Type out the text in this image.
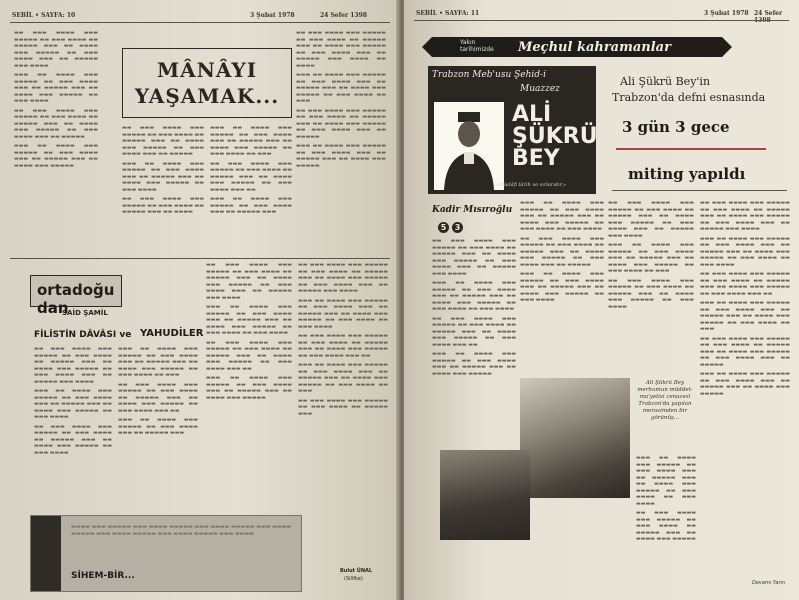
SEBİL • SAYFA: 10	3 Şubat 1978	24 Sefer 1398

▬▬ ▬▬▬ ▬▬▬▬ ▬▬▬ ▬▬▬▬▬ ▬▬ ▬▬▬ ▬▬▬▬ ▬▬ ▬▬▬▬▬ ▬▬▬ ▬▬ ▬▬▬▬ ▬▬▬ ▬▬▬▬▬ ▬▬ ▬▬▬ ▬▬▬▬ ▬▬▬ ▬▬ ▬▬▬▬▬ ▬▬▬ ▬▬▬▬

▬▬▬ ▬▬ ▬▬▬▬ ▬▬▬ ▬▬▬▬▬ ▬▬ ▬▬▬ ▬▬▬▬ ▬▬▬ ▬▬ ▬▬▬▬▬ ▬▬▬ ▬▬ ▬▬▬▬ ▬▬▬ ▬▬▬▬▬ ▬▬ ▬▬▬ ▬▬▬▬

▬▬ ▬▬▬ ▬▬▬▬ ▬▬▬ ▬▬▬▬▬ ▬▬ ▬▬▬ ▬▬▬▬ ▬▬ ▬▬▬▬▬ ▬▬▬ ▬▬ ▬▬▬▬ ▬▬▬ ▬▬▬▬▬ ▬▬ ▬▬▬ ▬▬▬▬ ▬▬▬ ▬▬ ▬▬▬▬▬

▬▬▬ ▬▬ ▬▬▬▬ ▬▬▬ ▬▬▬▬▬ ▬▬ ▬▬▬ ▬▬▬▬ ▬▬▬ ▬▬ ▬▬▬▬▬ ▬▬▬ ▬▬ ▬▬▬▬ ▬▬▬ ▬▬▬▬▬

MÂNÂYI
YAŞAMAK...

▬▬ ▬▬▬ ▬▬▬▬ ▬▬▬ ▬▬▬▬▬ ▬▬ ▬▬▬ ▬▬▬▬ ▬▬ ▬▬▬▬▬ ▬▬▬ ▬▬ ▬▬▬▬ ▬▬▬ ▬▬▬▬▬ ▬▬ ▬▬▬ ▬▬▬▬ ▬▬▬ ▬▬ ▬▬▬▬▬ ▬▬▬ ▬▬▬▬ ▬▬ ▬▬▬▬

▬▬▬ ▬▬ ▬▬▬▬ ▬▬▬ ▬▬▬▬▬ ▬▬ ▬▬▬ ▬▬▬▬ ▬▬▬ ▬▬ ▬▬▬▬▬ ▬▬▬ ▬▬ ▬▬▬▬ ▬▬▬ ▬▬▬▬▬ ▬▬ ▬▬▬ ▬▬▬▬ ▬▬ ▬▬▬

▬▬ ▬▬▬ ▬▬▬▬ ▬▬▬ ▬▬▬▬▬ ▬▬ ▬▬▬ ▬▬▬▬ ▬▬ ▬▬▬▬▬ ▬▬▬ ▬▬ ▬▬▬▬ ▬▬▬ ▬▬▬▬▬ ▬▬ ▬▬▬ ▬▬▬▬ ▬▬▬ ▬▬ ▬▬▬▬▬

▬▬▬ ▬▬ ▬▬▬▬ ▬▬▬ ▬▬▬▬▬ ▬▬ ▬▬▬ ▬▬▬▬ ▬▬▬ ▬▬ ▬▬▬▬▬ ▬▬▬ ▬▬ ▬▬▬▬ ▬▬▬ ▬▬▬▬▬

▬▬ ▬▬▬ ▬▬▬▬ ▬▬▬ ▬▬▬▬▬ ▬▬ ▬▬▬ ▬▬▬▬ ▬▬ ▬▬▬▬▬ ▬▬▬ ▬▬ ▬▬▬▬ ▬▬▬ ▬▬▬▬▬ ▬▬ ▬▬▬ ▬▬▬▬ ▬▬▬ ▬▬ ▬▬▬▬▬

▬▬▬ ▬▬ ▬▬▬▬ ▬▬▬ ▬▬▬▬▬ ▬▬ ▬▬▬ ▬▬▬▬ ▬▬▬ ▬▬ ▬▬▬▬▬ ▬▬▬ ▬▬ ▬▬▬▬ ▬▬▬ ▬▬▬▬▬ ▬▬ ▬▬▬ ▬▬▬▬

▬▬ ▬▬▬ ▬▬▬▬ ▬▬▬ ▬▬▬▬▬ ▬▬ ▬▬▬ ▬▬▬▬ ▬▬ ▬▬▬▬▬ ▬▬▬ ▬▬ ▬▬▬▬

▬▬▬ ▬▬ ▬▬▬▬ ▬▬▬ ▬▬▬▬▬ ▬▬ ▬▬▬ ▬▬▬▬ ▬▬▬ ▬▬ ▬▬▬▬▬ ▬▬▬ ▬▬ ▬▬▬▬ ▬▬▬ ▬▬▬▬▬ ▬▬ ▬▬▬ ▬▬▬▬ ▬▬ ▬▬▬

▬▬ ▬▬▬ ▬▬▬▬ ▬▬▬ ▬▬▬▬▬ ▬▬ ▬▬▬ ▬▬▬▬ ▬▬ ▬▬▬▬▬ ▬▬▬ ▬▬ ▬▬▬▬ ▬▬▬ ▬▬▬▬▬ ▬▬ ▬▬▬ ▬▬▬▬ ▬▬▬ ▬▬

▬▬▬ ▬▬ ▬▬▬▬ ▬▬▬ ▬▬▬▬▬ ▬▬ ▬▬▬ ▬▬▬▬ ▬▬▬ ▬▬ ▬▬▬▬▬ ▬▬▬

ortadoğu dan
SAİD ŞAMİL
FİLİSTİN DÂVÂSI ve YAHUDİLER

▬▬ ▬▬▬ ▬▬▬▬ ▬▬▬ ▬▬▬▬▬ ▬▬ ▬▬▬ ▬▬▬▬ ▬▬ ▬▬▬▬▬ ▬▬▬ ▬▬ ▬▬▬▬ ▬▬▬ ▬▬▬▬▬ ▬▬ ▬▬▬ ▬▬▬▬ ▬▬▬ ▬▬ ▬▬▬▬▬ ▬▬▬ ▬▬▬▬

▬▬▬ ▬▬ ▬▬▬▬ ▬▬▬ ▬▬▬▬▬ ▬▬ ▬▬▬ ▬▬▬▬ ▬▬▬ ▬▬ ▬▬▬▬▬ ▬▬▬ ▬▬ ▬▬▬▬ ▬▬▬ ▬▬▬▬▬ ▬▬ ▬▬▬ ▬▬▬▬

▬▬ ▬▬▬ ▬▬▬▬ ▬▬▬ ▬▬▬▬▬ ▬▬ ▬▬▬ ▬▬▬▬ ▬▬ ▬▬▬▬▬ ▬▬▬ ▬▬ ▬▬▬▬ ▬▬▬ ▬▬▬▬▬ ▬▬ ▬▬▬ ▬▬▬▬

▬▬▬ ▬▬ ▬▬▬▬ ▬▬▬ ▬▬▬▬▬ ▬▬ ▬▬▬ ▬▬▬▬ ▬▬▬ ▬▬ ▬▬▬▬▬ ▬▬▬ ▬▬ ▬▬▬▬ ▬▬▬ ▬▬▬▬▬ ▬▬ ▬▬▬ ▬▬▬▬ ▬▬ ▬▬▬

▬▬ ▬▬▬ ▬▬▬▬ ▬▬▬ ▬▬▬▬▬ ▬▬ ▬▬▬ ▬▬▬▬ ▬▬ ▬▬▬▬▬ ▬▬▬ ▬▬ ▬▬▬▬ ▬▬▬ ▬▬▬▬▬ ▬▬ ▬▬▬ ▬▬▬▬ ▬▬▬ ▬▬

▬▬▬ ▬▬ ▬▬▬▬ ▬▬▬ ▬▬▬▬▬ ▬▬ ▬▬▬ ▬▬▬▬ ▬▬▬ ▬▬ ▬▬▬▬▬ ▬▬▬

▬▬ ▬▬▬ ▬▬▬▬ ▬▬▬ ▬▬▬▬▬ ▬▬ ▬▬▬ ▬▬▬▬ ▬▬ ▬▬▬▬▬ ▬▬▬ ▬▬ ▬▬▬▬ ▬▬▬ ▬▬▬▬▬ ▬▬ ▬▬▬ ▬▬▬▬ ▬▬▬ ▬▬ ▬▬▬▬▬ ▬▬▬ ▬▬▬▬

▬▬▬ ▬▬ ▬▬▬▬ ▬▬▬ ▬▬▬▬▬ ▬▬ ▬▬▬ ▬▬▬▬ ▬▬▬ ▬▬ ▬▬▬▬▬ ▬▬▬ ▬▬ ▬▬▬▬ ▬▬▬ ▬▬▬▬▬ ▬▬ ▬▬▬ ▬▬▬▬ ▬▬ ▬▬▬ ▬▬▬▬

▬▬ ▬▬▬ ▬▬▬▬ ▬▬▬ ▬▬▬▬▬ ▬▬ ▬▬▬ ▬▬▬▬ ▬▬ ▬▬▬▬▬ ▬▬▬ ▬▬ ▬▬▬▬ ▬▬▬ ▬▬▬▬▬ ▬▬ ▬▬▬ ▬▬▬▬ ▬▬▬ ▬▬

▬▬▬ ▬▬ ▬▬▬▬ ▬▬▬ ▬▬▬▬▬ ▬▬ ▬▬▬ ▬▬▬▬ ▬▬▬ ▬▬ ▬▬▬▬▬ ▬▬▬ ▬▬ ▬▬▬▬ ▬▬▬ ▬▬▬▬▬

▬▬ ▬▬▬ ▬▬▬▬ ▬▬▬ ▬▬▬▬▬ ▬▬ ▬▬▬ ▬▬▬▬ ▬▬ ▬▬▬▬▬ ▬▬▬ ▬▬ ▬▬▬▬ ▬▬▬ ▬▬▬▬▬ ▬▬ ▬▬▬ ▬▬▬▬ ▬▬▬ ▬▬ ▬▬▬▬▬ ▬▬▬ ▬▬▬▬

▬▬▬ ▬▬ ▬▬▬▬ ▬▬▬ ▬▬▬▬▬ ▬▬ ▬▬▬ ▬▬▬▬ ▬▬▬ ▬▬ ▬▬▬▬▬ ▬▬▬ ▬▬ ▬▬▬▬ ▬▬▬ ▬▬▬▬▬ ▬▬ ▬▬▬ ▬▬▬▬ ▬▬ ▬▬▬ ▬▬▬▬

▬▬ ▬▬▬ ▬▬▬▬ ▬▬▬ ▬▬▬▬▬ ▬▬ ▬▬▬ ▬▬▬▬ ▬▬ ▬▬▬▬▬ ▬▬▬ ▬▬ ▬▬▬▬ ▬▬▬ ▬▬▬▬▬ ▬▬ ▬▬▬ ▬▬▬▬ ▬▬▬ ▬▬

▬▬▬ ▬▬ ▬▬▬▬ ▬▬▬ ▬▬▬▬▬ ▬▬ ▬▬▬ ▬▬▬▬ ▬▬▬ ▬▬ ▬▬▬▬▬ ▬▬▬ ▬▬ ▬▬▬▬ ▬▬▬ ▬▬▬▬▬ ▬▬ ▬▬▬ ▬▬▬▬ ▬▬ ▬▬▬

▬▬ ▬▬▬ ▬▬▬▬ ▬▬▬ ▬▬▬▬▬ ▬▬ ▬▬▬ ▬▬▬▬ ▬▬ ▬▬▬▬▬ ▬▬▬

Bulut ÜNAL
(Silifke)
SİHEM-BİR...

▬▬▬▬ ▬▬▬ ▬▬▬▬▬ ▬▬▬ ▬▬▬▬ ▬▬▬▬▬ ▬▬▬ ▬▬▬▬ ▬▬▬▬▬ ▬▬▬ ▬▬▬▬ ▬▬▬▬▬ ▬▬▬ ▬▬▬▬ ▬▬▬▬▬ ▬▬▬ ▬▬▬▬ ▬▬▬▬▬ ▬▬▬ ▬▬▬▬

SEBİL • SAYFA: 11	3 Şubat 1978 24 Sefer
Yakın tarihimizde	Meçhul kahramanlar
Trabzon Meb'usu Şehid-i
Muazzez
ALİ
ŞÜKRÜ
BEY
«Müdâfi târih ve sırlarıdır.»
Ali Şükrü Bey'in
Trabzon'da defni esnasında
3 gün 3 gece
miting yapıldı
Kadir Mısıroğlu
5	3

▬▬ ▬▬▬ ▬▬▬▬ ▬▬▬ ▬▬▬▬▬ ▬▬ ▬▬▬ ▬▬▬▬ ▬▬ ▬▬▬▬▬ ▬▬▬ ▬▬ ▬▬▬▬ ▬▬▬ ▬▬▬▬▬ ▬▬ ▬▬▬ ▬▬▬▬ ▬▬▬ ▬▬ ▬▬▬▬▬ ▬▬▬ ▬▬▬▬

▬▬▬ ▬▬ ▬▬▬▬ ▬▬▬ ▬▬▬▬▬ ▬▬ ▬▬▬ ▬▬▬▬ ▬▬▬ ▬▬ ▬▬▬▬▬ ▬▬▬ ▬▬ ▬▬▬▬ ▬▬▬ ▬▬▬▬▬ ▬▬ ▬▬▬ ▬▬▬▬ ▬▬ ▬▬▬ ▬▬▬▬

▬▬ ▬▬▬ ▬▬▬▬ ▬▬▬ ▬▬▬▬▬ ▬▬ ▬▬▬ ▬▬▬▬ ▬▬ ▬▬▬▬▬ ▬▬▬ ▬▬ ▬▬▬▬ ▬▬▬ ▬▬▬▬▬ ▬▬ ▬▬▬ ▬▬▬▬ ▬▬▬ ▬▬

▬▬▬ ▬▬ ▬▬▬▬ ▬▬▬ ▬▬▬▬▬ ▬▬ ▬▬▬ ▬▬▬▬ ▬▬▬ ▬▬ ▬▬▬▬▬ ▬▬▬ ▬▬ ▬▬▬▬ ▬▬▬ ▬▬▬▬▬

▬▬▬ ▬▬ ▬▬▬▬ ▬▬▬ ▬▬▬▬▬ ▬▬ ▬▬▬ ▬▬▬▬ ▬▬▬ ▬▬ ▬▬▬▬▬ ▬▬▬ ▬▬ ▬▬▬▬ ▬▬▬ ▬▬▬▬▬ ▬▬ ▬▬▬ ▬▬▬▬ ▬▬ ▬▬▬ ▬▬▬▬

▬▬ ▬▬▬ ▬▬▬▬ ▬▬▬ ▬▬▬▬▬ ▬▬ ▬▬▬ ▬▬▬▬ ▬▬ ▬▬▬▬▬ ▬▬▬ ▬▬ ▬▬▬▬ ▬▬▬ ▬▬▬▬▬ ▬▬ ▬▬▬ ▬▬▬▬ ▬▬▬ ▬▬ ▬▬▬▬▬

▬▬▬ ▬▬ ▬▬▬▬ ▬▬▬ ▬▬▬▬▬ ▬▬ ▬▬▬ ▬▬▬▬ ▬▬▬ ▬▬ ▬▬▬▬▬ ▬▬▬ ▬▬ ▬▬▬▬ ▬▬▬ ▬▬▬▬▬ ▬▬ ▬▬▬ ▬▬▬▬

▬▬ ▬▬▬ ▬▬▬▬ ▬▬▬ ▬▬▬▬▬ ▬▬ ▬▬▬ ▬▬▬▬ ▬▬ ▬▬▬▬▬ ▬▬▬ ▬▬ ▬▬▬▬ ▬▬▬ ▬▬▬▬▬ ▬▬ ▬▬▬ ▬▬▬▬ ▬▬▬ ▬▬ ▬▬▬▬▬ ▬▬▬ ▬▬▬▬

▬▬▬ ▬▬ ▬▬▬▬ ▬▬▬ ▬▬▬▬▬ ▬▬ ▬▬▬ ▬▬▬▬ ▬▬▬ ▬▬ ▬▬▬▬▬ ▬▬▬ ▬▬ ▬▬▬▬ ▬▬▬ ▬▬▬▬▬ ▬▬ ▬▬▬ ▬▬▬▬ ▬▬ ▬▬▬

▬▬ ▬▬▬ ▬▬▬▬ ▬▬▬ ▬▬▬▬▬ ▬▬ ▬▬▬ ▬▬▬▬ ▬▬ ▬▬▬▬▬ ▬▬▬ ▬▬ ▬▬▬▬ ▬▬▬ ▬▬▬▬▬ ▬▬ ▬▬▬ ▬▬▬▬

▬▬ ▬▬▬ ▬▬▬▬ ▬▬▬ ▬▬▬▬▬ ▬▬ ▬▬▬ ▬▬▬▬ ▬▬ ▬▬▬▬▬ ▬▬▬ ▬▬ ▬▬▬▬ ▬▬▬ ▬▬▬▬▬ ▬▬ ▬▬▬ ▬▬▬▬ ▬▬▬ ▬▬ ▬▬▬▬▬ ▬▬▬ ▬▬▬▬

▬▬▬ ▬▬ ▬▬▬▬ ▬▬▬ ▬▬▬▬▬ ▬▬ ▬▬▬ ▬▬▬▬ ▬▬▬ ▬▬ ▬▬▬▬▬ ▬▬▬ ▬▬ ▬▬▬▬ ▬▬▬ ▬▬▬▬▬ ▬▬ ▬▬▬ ▬▬▬▬ ▬▬ ▬▬▬ ▬▬▬▬

▬▬ ▬▬▬ ▬▬▬▬ ▬▬▬ ▬▬▬▬▬ ▬▬ ▬▬▬ ▬▬▬▬ ▬▬ ▬▬▬▬▬ ▬▬▬ ▬▬ ▬▬▬▬ ▬▬▬ ▬▬▬▬▬ ▬▬ ▬▬▬ ▬▬▬▬ ▬▬▬ ▬▬

▬▬▬ ▬▬ ▬▬▬▬ ▬▬▬ ▬▬▬▬▬ ▬▬ ▬▬▬ ▬▬▬▬ ▬▬▬ ▬▬ ▬▬▬▬▬ ▬▬▬ ▬▬ ▬▬▬▬ ▬▬▬ ▬▬▬▬▬ ▬▬ ▬▬▬ ▬▬▬▬ ▬▬ ▬▬▬

▬▬ ▬▬▬ ▬▬▬▬ ▬▬▬ ▬▬▬▬▬ ▬▬ ▬▬▬ ▬▬▬▬ ▬▬ ▬▬▬▬▬ ▬▬▬ ▬▬ ▬▬▬▬ ▬▬▬ ▬▬▬▬▬ ▬▬ ▬▬▬ ▬▬▬▬ ▬▬▬ ▬▬ ▬▬▬▬▬

▬▬▬ ▬▬ ▬▬▬▬ ▬▬▬ ▬▬▬▬▬ ▬▬ ▬▬▬ ▬▬▬▬ ▬▬▬ ▬▬ ▬▬▬▬▬ ▬▬▬ ▬▬ ▬▬▬▬ ▬▬▬ ▬▬▬▬▬

Ali Şükrü Bey merhumun müddet- ma'yetisi cenazesi Trabzon'da yapılan merasimden bir görünüş...

▬▬▬ ▬▬ ▬▬▬▬ ▬▬▬ ▬▬▬▬▬ ▬▬ ▬▬▬ ▬▬▬▬ ▬▬▬ ▬▬ ▬▬▬▬▬ ▬▬▬ ▬▬ ▬▬▬▬ ▬▬▬ ▬▬▬▬▬ ▬▬ ▬▬▬ ▬▬▬▬ ▬▬ ▬▬▬ ▬▬▬▬

▬▬ ▬▬▬ ▬▬▬▬ ▬▬▬ ▬▬▬▬▬ ▬▬ ▬▬▬ ▬▬▬▬ ▬▬ ▬▬▬▬▬ ▬▬▬ ▬▬ ▬▬▬▬ ▬▬▬ ▬▬▬▬▬

Devamı Yarın
